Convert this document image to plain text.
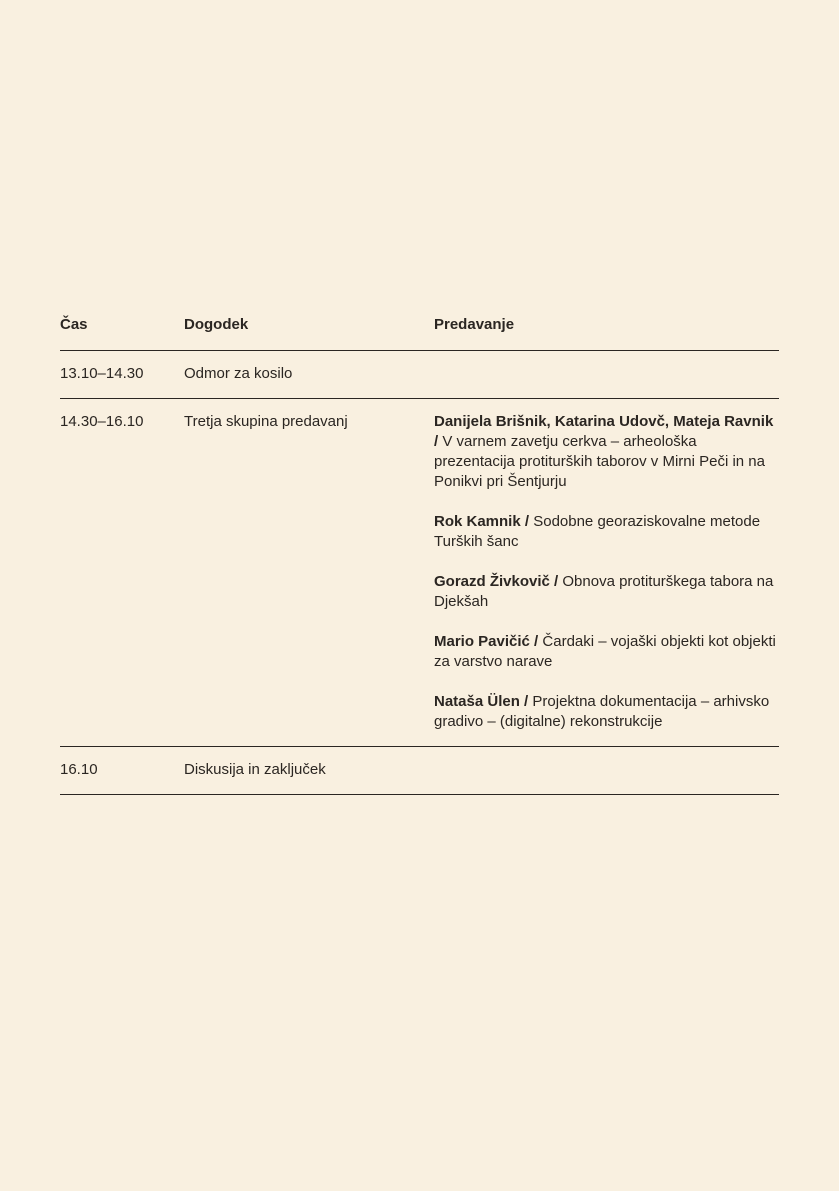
Čas	Dogodek	Predavanje
13.10–14.30	Odmor za kosilo
14.30–16.10	Tretja skupina predavanj	Danijela Brišnik, Katarina Udovč, Mateja Ravnik / V varnem zavetju cerkva – arheološka prezentacija protiturških taborov v Mirni Peči in na Ponikvi pri Šentjurju

Rok Kamnik / Sodobne georaziskovalne metode Turških šanc

Gorazd Živkovič / Obnova protiturškega tabora na Djekšah

Mario Pavičić / Čardaki – vojaški objekti kot objekti za varstvo narave

Nataša Ülen / Projektna dokumentacija – arhivsko gradivo – (digitalne) rekonstrukcije

16.10	Diskusija in zaključek
